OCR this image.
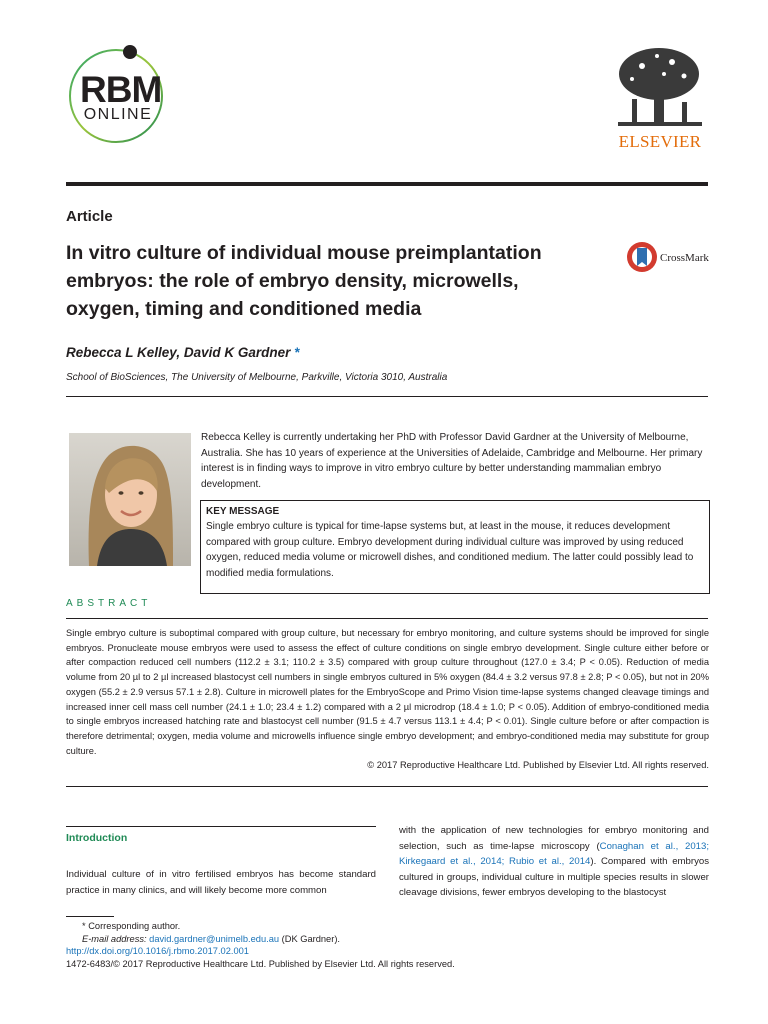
RBM
ONLINE
ELSEVIER
Article
In vitro culture of individual mouse preimplantation embryos: the role of embryo density, microwells, oxygen, timing and conditioned media
CrossMark
Rebecca L Kelley, David K Gardner *
School of BioSciences, The University of Melbourne, Parkville, Victoria 3010, Australia
Rebecca Kelley is currently undertaking her PhD with Professor David Gardner at the University of Melbourne, Australia. She has 10 years of experience at the Universities of Adelaide, Cambridge and Melbourne. Her primary interest is in finding ways to improve in vitro embryo culture by better understanding mammalian embryo development.
KEY MESSAGE
Single embryo culture is typical for time-lapse systems but, at least in the mouse, it reduces development compared with group culture. Embryo development during individual culture was improved by using reduced oxygen, reduced media volume or microwell dishes, and conditioned medium. The latter could possibly lead to modified media formulations.
ABSTRACT
Single embryo culture is suboptimal compared with group culture, but necessary for embryo monitoring, and culture systems should be improved for single embryos. Pronucleate mouse embryos were used to assess the effect of culture conditions on single embryo development. Single culture either before or after compaction reduced cell numbers (112.2 ± 3.1; 110.2 ± 3.5) compared with group culture throughout (127.0 ± 3.4; P < 0.05). Reduction of media volume from 20 µl to 2 µl increased blastocyst cell numbers in single embryos cultured in 5% oxygen (84.4 ± 3.2 versus 97.8 ± 2.8; P < 0.05), but not in 20% oxygen (55.2 ± 2.9 versus 57.1 ± 2.8). Culture in microwell plates for the EmbryoScope and Primo Vision time-lapse systems changed cleavage timings and increased inner cell mass cell number (24.1 ± 1.0; 23.4 ± 1.2) compared with a 2 µl microdrop (18.4 ± 1.0; P < 0.05). Addition of embryo-conditioned media to single embryos increased hatching rate and blastocyst cell number (91.5 ± 4.7 versus 113.1 ± 4.4; P < 0.01). Single culture before or after compaction is therefore detrimental; oxygen, media volume and microwells influence single embryo development; and embryo-conditioned media may substitute for group culture.
© 2017 Reproductive Healthcare Ltd. Published by Elsevier Ltd. All rights reserved.
Introduction
Individual culture of in vitro fertilised embryos has become standard practice in many clinics, and will likely become more common
with the application of new technologies for embryo monitoring and selection, such as time-lapse microscopy (Conaghan et al., 2013; Kirkegaard et al., 2014; Rubio et al., 2014). Compared with embryos cultured in groups, individual culture in multiple species results in slower cleavage divisions, fewer embryos developing to the blastocyst
* Corresponding author.
E-mail address: david.gardner@unimelb.edu.au (DK Gardner).
http://dx.doi.org/10.1016/j.rbmo.2017.02.001
1472-6483/© 2017 Reproductive Healthcare Ltd. Published by Elsevier Ltd. All rights reserved.
